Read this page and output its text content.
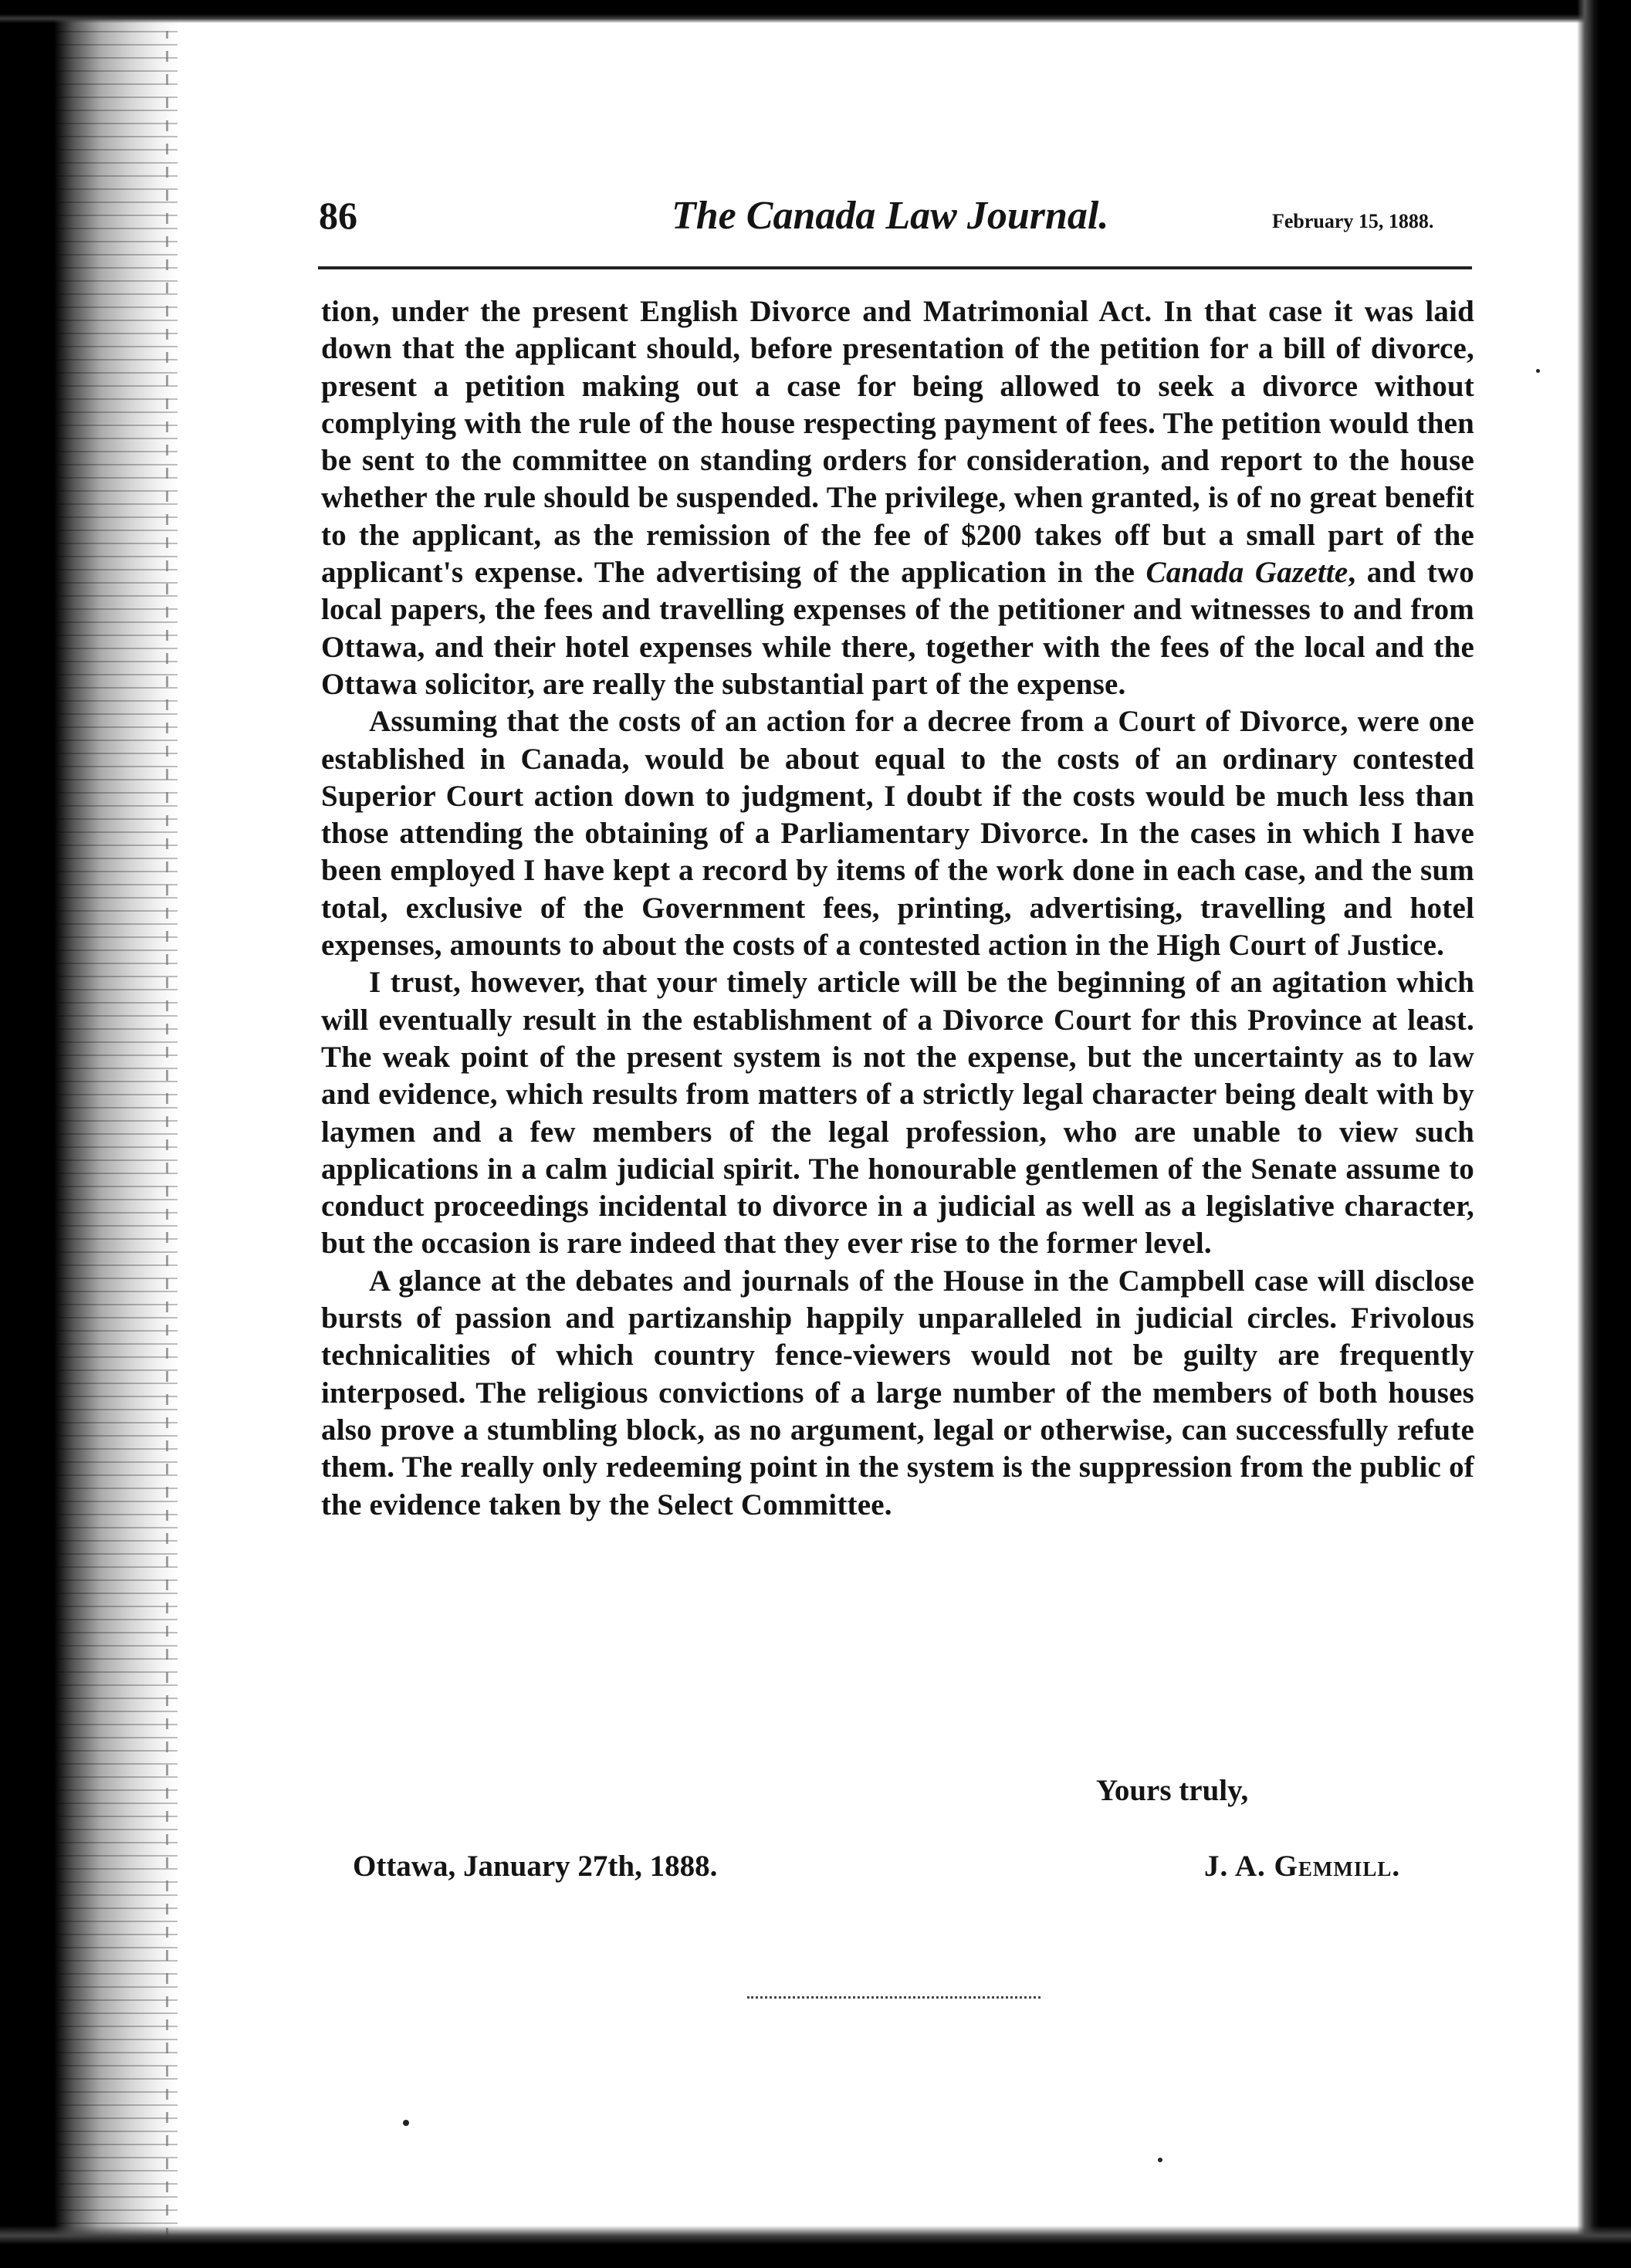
86	The Canada Law Journal.	February 15, 1888.

tion, under the present English Divorce and Matrimonial Act. In that case it was laid down that the applicant should, before presentation of the petition for a bill of divorce, present a petition making out a case for being allowed to seek a divorce without complying with the rule of the house respecting payment of fees. The petition would then be sent to the committee on standing orders for consideration, and report to the house whether the rule should be suspended. The privilege, when granted, is of no great benefit to the applicant, as the remission of the fee of $200 takes off but a small part of the applicant's expense. The advertising of the application in the Canada Gazette, and two local papers, the fees and travelling expenses of the petitioner and witnesses to and from Ottawa, and their hotel expenses while there, together with the fees of the local and the Ottawa solicitor, are really the substantial part of the expense.

Assuming that the costs of an action for a decree from a Court of Divorce, were one established in Canada, would be about equal to the costs of an ordinary contested Superior Court action down to judgment, I doubt if the costs would be much less than those attending the obtaining of a Parliamentary Divorce. In the cases in which I have been employed I have kept a record by items of the work done in each case, and the sum total, exclusive of the Government fees, printing, advertising, travelling and hotel expenses, amounts to about the costs of a contested action in the High Court of Justice.

I trust, however, that your timely article will be the beginning of an agitation which will eventually result in the establishment of a Divorce Court for this Province at least. The weak point of the present system is not the expense, but the uncertainty as to law and evidence, which results from matters of a strictly legal character being dealt with by laymen and a few members of the legal profession, who are unable to view such applications in a calm judicial spirit. The honourable gentlemen of the Senate assume to conduct proceedings incidental to divorce in a judicial as well as a legislative character, but the occasion is rare indeed that they ever rise to the former level.

A glance at the debates and journals of the House in the Campbell case will disclose bursts of passion and partizanship happily unparalleled in judicial circles. Frivolous technicalities of which country fence-viewers would not be guilty are frequently interposed. The religious convictions of a large number of the members of both houses also prove a stumbling block, as no argument, legal or otherwise, can successfully refute them. The really only redeeming point in the system is the suppression from the public of the evidence taken by the Select Committee.

Yours truly,
Ottawa, January 27th, 1888.	J. A. Gemmill.
